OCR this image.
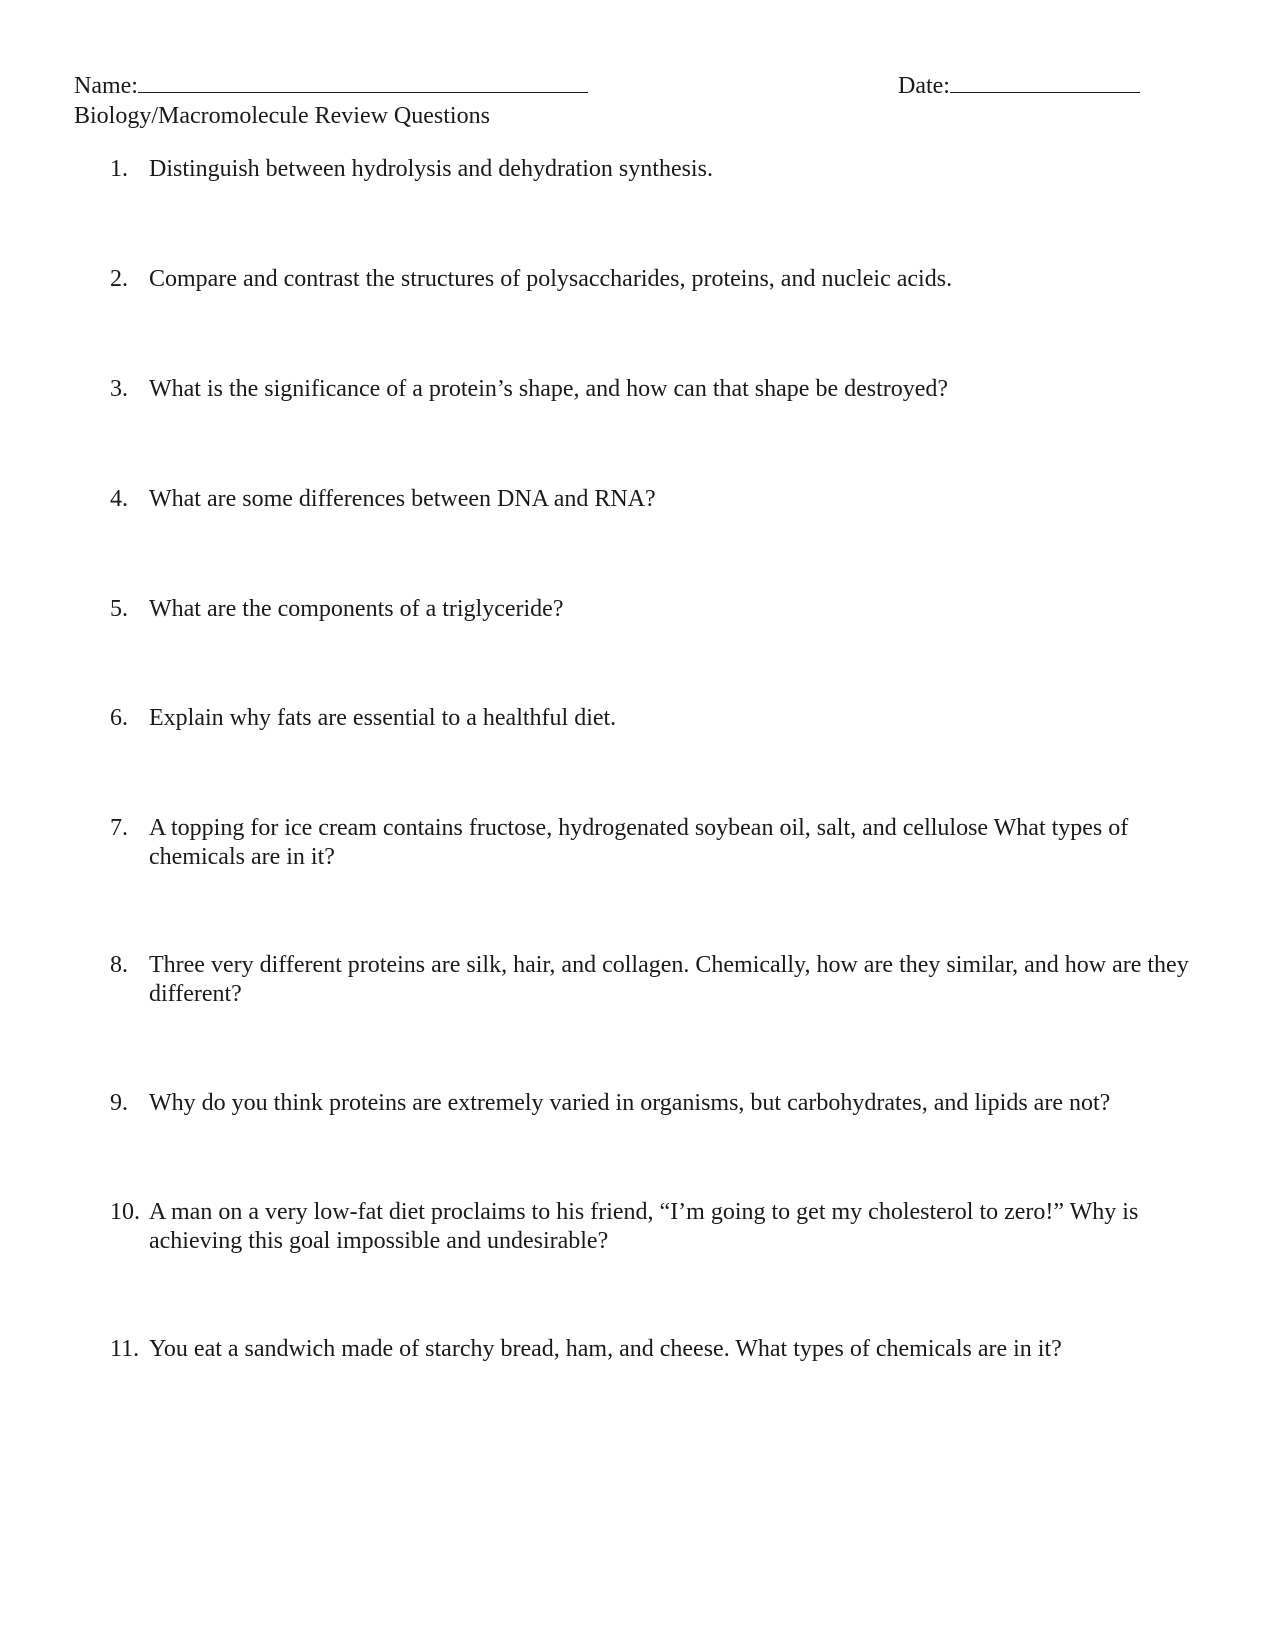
Name:	Date:
Biology/Macromolecule Review Questions
1. Distinguish between hydrolysis and dehydration synthesis.
2. Compare and contrast the structures of polysaccharides, proteins, and nucleic acids.
3. What is the significance of a protein’s shape, and how can that shape be destroyed?
4. What are some differences between DNA and RNA?
5. What are the components of a triglyceride?
6. Explain why fats are essential to a healthful diet.
7. A topping for ice cream contains fructose, hydrogenated soybean oil, salt, and cellulose What types of chemicals are in it?
8. Three very different proteins are silk, hair, and collagen. Chemically, how are they similar, and how are they different?
9. Why do you think proteins are extremely varied in organisms, but carbohydrates, and lipids are not?
10. A man on a very low-fat diet proclaims to his friend, “I’m going to get my cholesterol to zero!” Why is achieving this goal impossible and undesirable?
11. You eat a sandwich made of starchy bread, ham, and cheese. What types of chemicals are in it?
